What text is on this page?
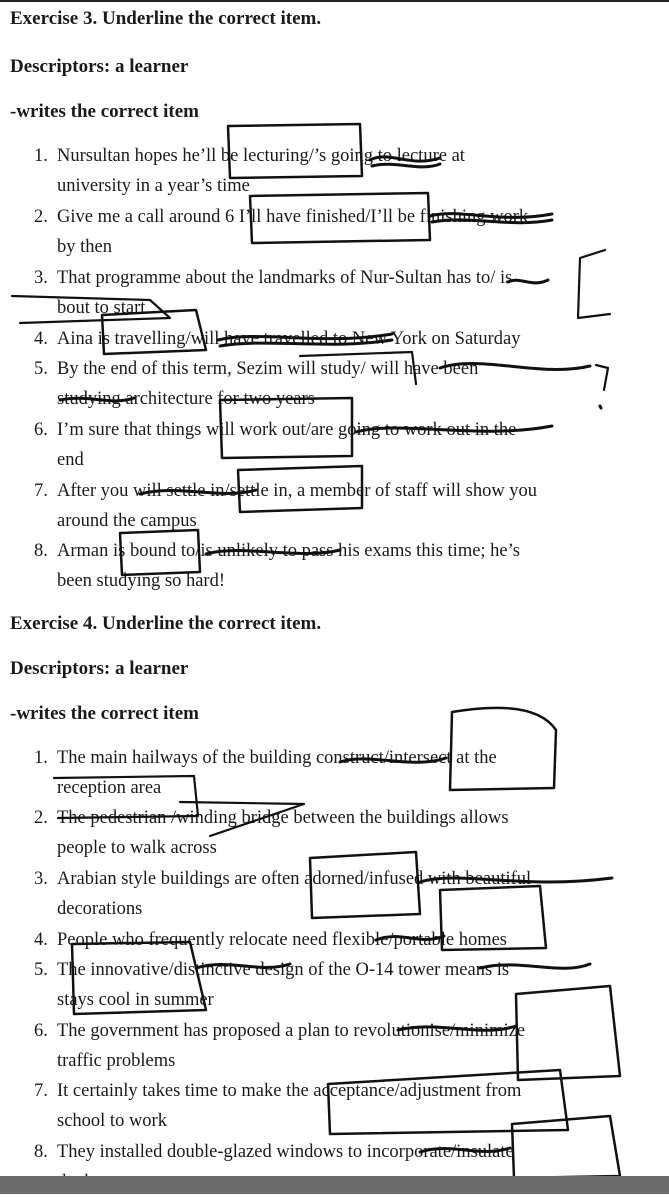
Exercise 3. Underline the correct item.
Descriptors: a learner
-writes the correct item
1. Nursultan hopes he’ll be lecturing/’s going to lecture at
university in a year’s time
2. Give me a call around 6 I’ll have finished/I’ll be finishing work
by then
3. That programme about the landmarks of Nur-Sultan has to/ is
bout to start
4. Aina is travelling/will have travelled to New York on Saturday
5. By the end of this term, Sezim will study/ will have been
studying architecture for two years
6. I’m sure that things will work out/are going to work out in the
end
7. After you will settle in/settle in, a member of staff will show you
around the campus
8. Arman is bound to/is unlikely to pass his exams this time; he’s
been studying so hard!
Exercise 4. Underline the correct item.
Descriptors: a learner
-writes the correct item
1. The main hailways of the building construct/intersect at the
reception area
2. The pedestrian /winding bridge between the buildings allows
people to walk across
3. Arabian style buildings are often adorned/infused with beautiful
decorations
4. People who frequently relocate need flexible/portable homes
5. The innovative/distinctive design of the O-14 tower means is
stays cool in summer
6. The government has proposed a plan to revolutionise/minimize
traffic problems
7. It certainly takes time to make the acceptance/adjustment from
school to work
8. They installed double-glazed windows to incorporate/insulate
